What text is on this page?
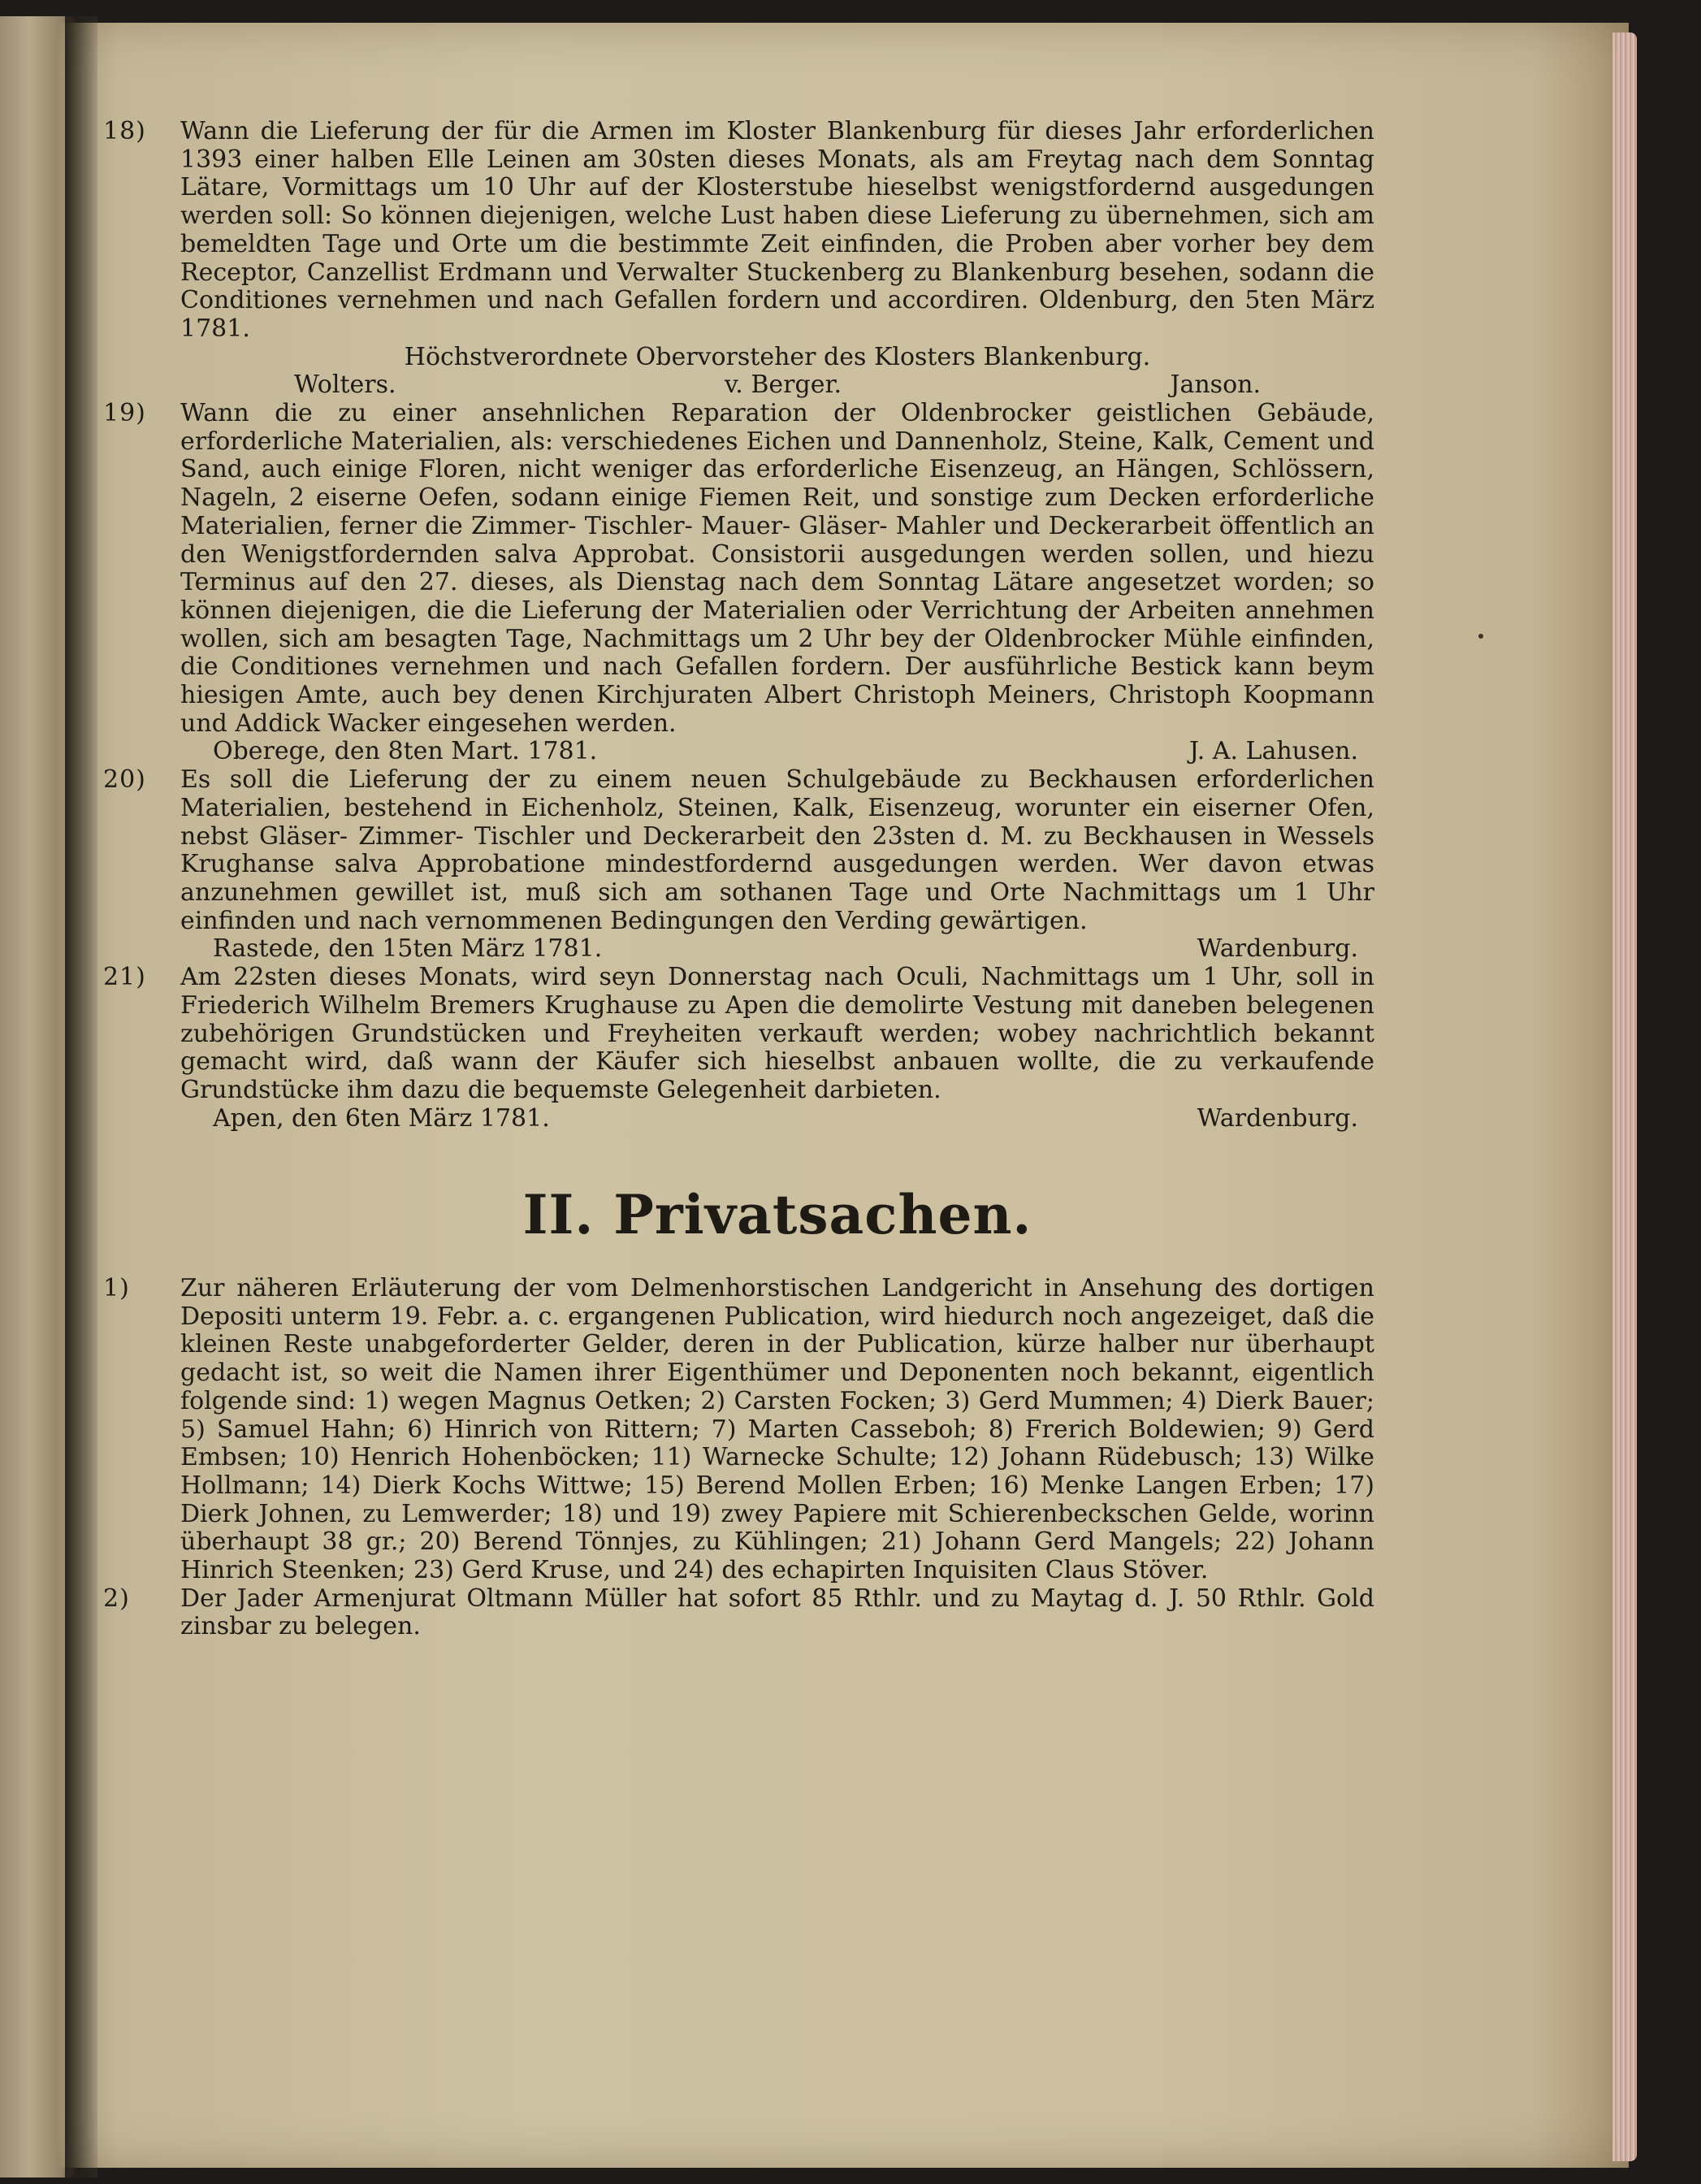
18)	Wann die Lieferung der für die Armen im Kloster Blankenburg für dieses Jahr erforderlichen 1393 einer halben Elle Leinen am 30sten dieses Monats, als am Freytag nach dem Sonntag Lätare, Vormittags um 10 Uhr auf der Klosterstube hieselbst wenigstfordernd ausgedungen werden soll: So können diejenigen, welche Lust haben diese Lieferung zu übernehmen, sich am bemeldten Tage und Orte um die bestimmte Zeit einfinden, die Proben aber vorher bey dem Receptor, Canzellist Erdmann und Verwalter Stuckenberg zu Blankenburg besehen, sodann die Conditiones vernehmen und nach Gefallen fordern und accordiren. Oldenburg, den 5ten März 1781.

Höchstverordnete Obervorsteher des Klosters Blankenburg.

Wolters.	v. Berger.	Janson.
19)	Wann die zu einer ansehnlichen Reparation der Oldenbrocker geistlichen Gebäude, erforderliche Materialien, als: verschiedenes Eichen und Dannenholz, Steine, Kalk, Cement und Sand, auch einige Floren, nicht weniger das erforderliche Eisenzeug, an Hängen, Schlössern, Nageln, 2 eiserne Oefen, sodann einige Fiemen Reit, und sonstige zum Decken erforderliche Materialien, ferner die Zimmer- Tischler- Mauer- Gläser- Mahler und Deckerarbeit öffentlich an den Wenigstfordernden salva Approbat. Consistorii ausgedungen werden sollen, und hiezu Terminus auf den 27. dieses, als Dienstag nach dem Sonntag Lätare angesetzet worden; so können diejenigen, die die Lieferung der Materialien oder Verrichtung der Arbeiten annehmen wollen, sich am besagten Tage, Nachmittags um 2 Uhr bey der Oldenbrocker Mühle einfinden, die Conditiones vernehmen und nach Gefallen fordern. Der ausführliche Bestick kann beym hiesigen Amte, auch bey denen Kirchjuraten Albert Christoph Meiners, Christoph Koopmann und Addick Wacker eingesehen werden.

Oberege, den 8ten Mart. 1781.	J. A. Lahusen.
20)	Es soll die Lieferung der zu einem neuen Schulgebäude zu Beckhausen erforderlichen Materialien, bestehend in Eichenholz, Steinen, Kalk, Eisenzeug, worunter ein eiserner Ofen, nebst Gläser- Zimmer- Tischler und Deckerarbeit den 23sten d. M. zu Beckhausen in Wessels Krughanse salva Approbatione mindestfordernd ausgedungen werden. Wer davon etwas anzunehmen gewillet ist, muß sich am sothanen Tage und Orte Nachmittags um 1 Uhr einfinden und nach vernommenen Bedingungen den Verding gewärtigen.

Rastede, den 15ten März 1781.	Wardenburg.
21)	Am 22sten dieses Monats, wird seyn Donnerstag nach Oculi, Nachmittags um 1 Uhr, soll in Friederich Wilhelm Bremers Krughause zu Apen die demolirte Vestung mit daneben belegenen zubehörigen Grundstücken und Freyheiten verkauft werden; wobey nachrichtlich bekannt gemacht wird, daß wann der Käufer sich hieselbst anbauen wollte, die zu verkaufende Grundstücke ihm dazu die bequemste Gelegenheit darbieten.

Apen, den 6ten März 1781.	Wardenburg.
II. Privatsachen.
1)	Zur näheren Erläuterung der vom Delmenhorstischen Landgericht in Ansehung des dortigen Depositi unterm 19. Febr. a. c. ergangenen Publication, wird hiedurch noch angezeiget, daß die kleinen Reste unabgeforderter Gelder, deren in der Publication, kürze halber nur überhaupt gedacht ist, so weit die Namen ihrer Eigenthümer und Deponenten noch bekannt, eigentlich folgende sind: 1) wegen Magnus Oetken; 2) Carsten Focken; 3) Gerd Mummen; 4) Dierk Bauer; 5) Samuel Hahn; 6) Hinrich von Rittern; 7) Marten Casseboh; 8) Frerich Boldewien; 9) Gerd Embsen; 10) Henrich Hohenböcken; 11) Warnecke Schulte; 12) Johann Rüdebusch; 13) Wilke Hollmann; 14) Dierk Kochs Wittwe; 15) Berend Mollen Erben; 16) Menke Langen Erben; 17) Dierk Johnen, zu Lemwerder; 18) und 19) zwey Papiere mit Schierenbeckschen Gelde, worinn überhaupt 38 gr.; 20) Berend Tönnjes, zu Kühlingen; 21) Johann Gerd Mangels; 22) Johann Hinrich Steenken; 23) Gerd Kruse, und 24) des echapirten Inquisiten Claus Stöver.

2)	Der Jader Armenjurat Oltmann Müller hat sofort 85 Rthlr. und zu Maytag d. J. 50 Rthlr. Gold zinsbar zu belegen.
